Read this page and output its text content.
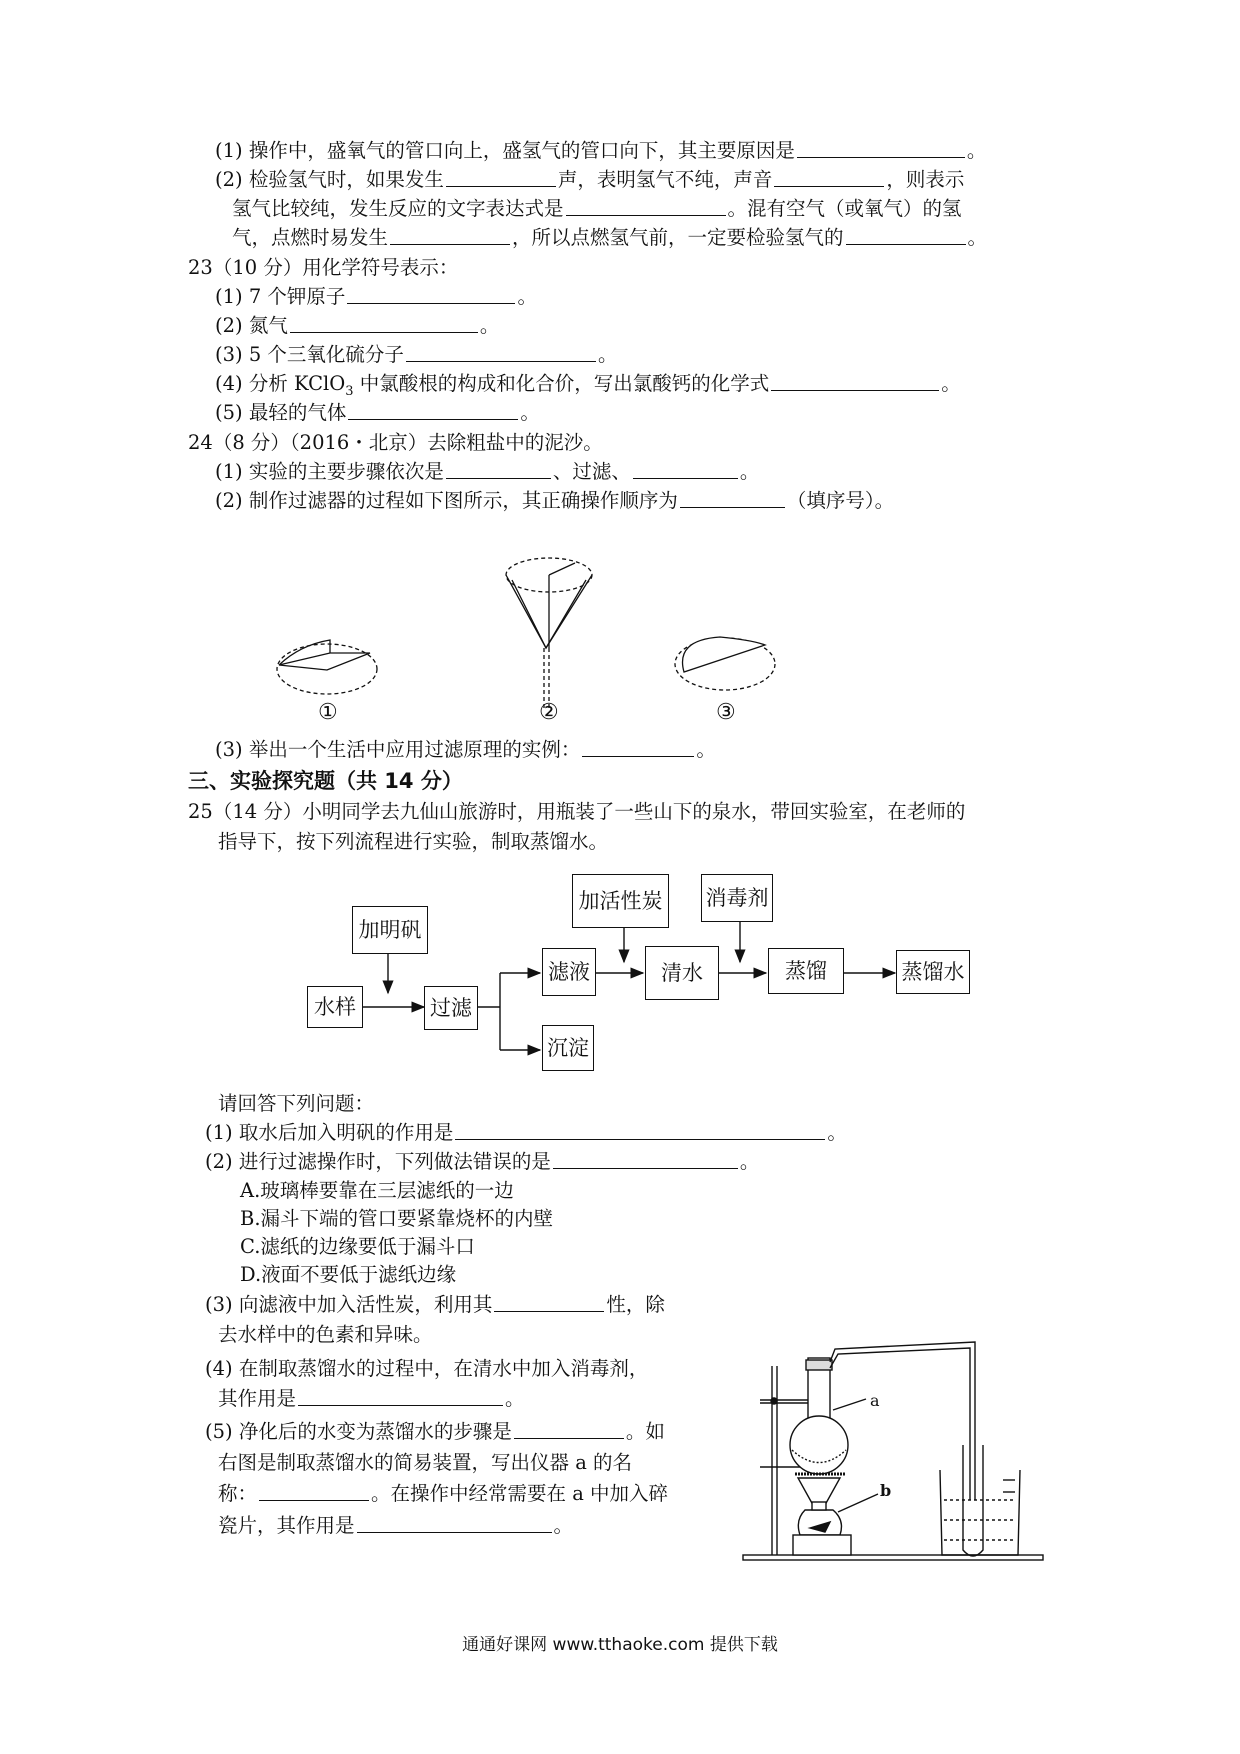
(1) 操作中，盛氧气的管口向上，盛氢气的管口向下，其主要原因是	。
(2) 检验氢气时，如果发生	声，表明氢气不纯，声音	，则表示
氢气比较纯，发生反应的文字表达式是	。混有空气（或氧气）的氢
气，点燃时易发生	，所以点燃氢气前，一定要检验氢气的	。
23（10 分）用化学符号表示：
(1) 7 个钾原子	。
(2) 氮气	。
(3) 5 个三氧化硫分子	。
(4) 分析 KClO$_3$ 中氯酸根的构成和化合价，写出氯酸钙的化学式	。
(5) 最轻的气体	。
24（8 分）（2016・北京）去除粗盐中的泥沙。
(1) 实验的主要步骤依次是	、过滤、	。
(2) 制作过滤器的过程如下图所示，其正确操作顺序为	（填序号）。
①	②	③
(3) 举出一个生活中应用过滤原理的实例：	。
三、实验探究题（共 14 分）
25（14 分）小明同学去九仙山旅游时，用瓶装了一些山下的泉水，带回实验室，在老师的
指导下，按下列流程进行实验，制取蒸馏水。
加明矾
水样	过滤
滤液
沉淀
加活性炭
清水
消毒剂
蒸馏	蒸馏水
请回答下列问题：
(1) 取水后加入明矾的作用是	。
(2) 进行过滤操作时，下列做法错误的是	。
A.玻璃棒要靠在三层滤纸的一边
B.漏斗下端的管口要紧靠烧杯的内壁
C.滤纸的边缘要低于漏斗口
D.液面不要低于滤纸边缘
(3) 向滤液中加入活性炭，利用其	性，除
去水样中的色素和异味。
(4) 在制取蒸馏水的过程中，在清水中加入消毒剂，
其作用是	。
(5) 净化后的水变为蒸馏水的步骤是	。如
右图是制取蒸馏水的简易装置，写出仪器 a 的名
称：	。在操作中经常需要在 a 中加入碎
瓷片，其作用是	。
a
b
通通好课网 www.tthaoke.com 提供下载
